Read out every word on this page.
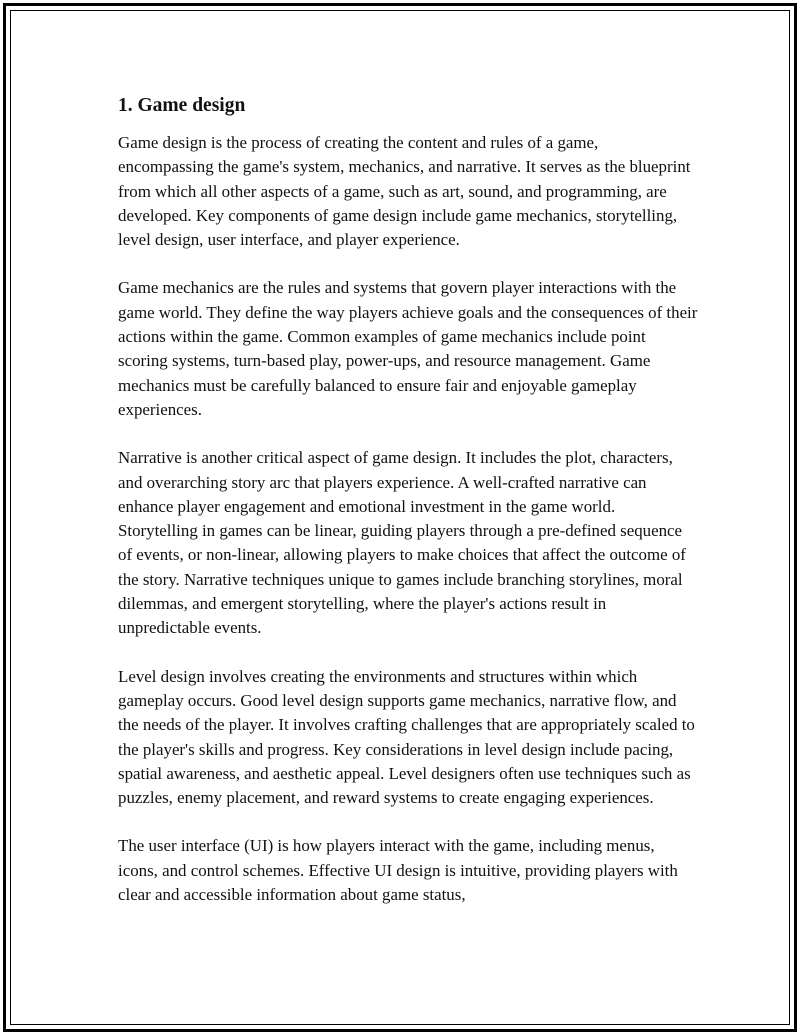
1. Game design

Game design is the process of creating the content and rules of a game, encompassing the game's system, mechanics, and narrative. It serves as the blueprint from which all other aspects of a game, such as art, sound, and programming, are developed. Key components of game design include game mechanics, storytelling, level design, user interface, and player experience.

Game mechanics are the rules and systems that govern player interactions with the game world. They define the way players achieve goals and the consequences of their actions within the game. Common examples of game mechanics include point scoring systems, turn-based play, power-ups, and resource management. Game mechanics must be carefully balanced to ensure fair and enjoyable gameplay experiences.

Narrative is another critical aspect of game design. It includes the plot, characters, and overarching story arc that players experience. A well-crafted narrative can enhance player engagement and emotional investment in the game world. Storytelling in games can be linear, guiding players through a pre-defined sequence of events, or non-linear, allowing players to make choices that affect the outcome of the story. Narrative techniques unique to games include branching storylines, moral dilemmas, and emergent storytelling, where the player's actions result in unpredictable events.

Level design involves creating the environments and structures within which gameplay occurs. Good level design supports game mechanics, narrative flow, and the needs of the player. It involves crafting challenges that are appropriately scaled to the player's skills and progress. Key considerations in level design include pacing, spatial awareness, and aesthetic appeal. Level designers often use techniques such as puzzles, enemy placement, and reward systems to create engaging experiences.

The user interface (UI) is how players interact with the game, including menus, icons, and control schemes. Effective UI design is intuitive, providing players with clear and accessible information about game status,
